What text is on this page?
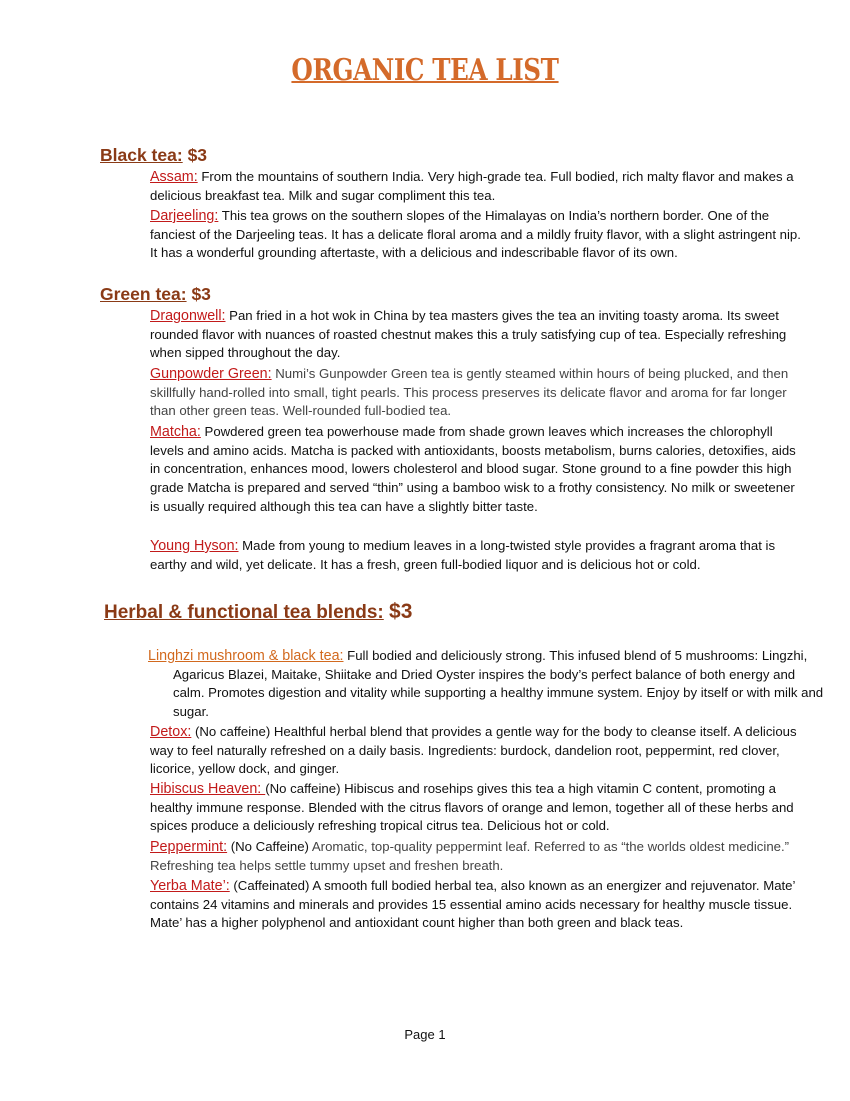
ORGANIC TEA LIST
Black tea: $3

Assam: From the mountains of southern India. Very high-grade tea. Full bodied, rich malty flavor and makes a delicious breakfast tea. Milk and sugar compliment this tea.

Darjeeling: This tea grows on the southern slopes of the Himalayas on India’s northern border. One of the fanciest of the Darjeeling teas. It has a delicate floral aroma and a mildly fruity flavor, with a slight astringent nip. It has a wonderful grounding aftertaste, with a delicious and indescribable flavor of its own.

Green tea: $3

Dragonwell: Pan fried in a hot wok in China by tea masters gives the tea an inviting toasty aroma. Its sweet rounded flavor with nuances of roasted chestnut makes this a truly satisfying cup of tea. Especially refreshing when sipped throughout the day.

Gunpowder Green: Numi’s Gunpowder Green tea is gently steamed within hours of being plucked, and then skillfully hand-rolled into small, tight pearls. This process preserves its delicate flavor and aroma for far longer than other green teas. Well-rounded full-bodied tea.

Matcha: Powdered green tea powerhouse made from shade grown leaves which increases the chlorophyll levels and amino acids. Matcha is packed with antioxidants, boosts metabolism, burns calories, detoxifies, aids in concentration, enhances mood, lowers cholesterol and blood sugar. Stone ground to a fine powder this high grade Matcha is prepared and served “thin” using a bamboo wisk to a frothy consistency. No milk or sweetener is usually required although this tea can have a slightly bitter taste.

Young Hyson: Made from young to medium leaves in a long-twisted style provides a fragrant aroma that is earthy and wild, yet delicate. It has a fresh, green full-bodied liquor and is delicious hot or cold.

Herbal & functional tea blends: $3

Linghzi mushroom & black tea: Full bodied and deliciously strong. This infused blend of 5 mushrooms: Lingzhi, Agaricus Blazei, Maitake, Shiitake and Dried Oyster inspires the body’s perfect balance of both energy and calm. Promotes digestion and vitality while supporting a healthy immune system. Enjoy by itself or with milk and sugar.

Detox: (No caffeine) Healthful herbal blend that provides a gentle way for the body to cleanse itself. A delicious way to feel naturally refreshed on a daily basis. Ingredients: burdock, dandelion root, peppermint, red clover, licorice, yellow dock, and ginger.

Hibiscus Heaven: (No caffeine) Hibiscus and rosehips gives this tea a high vitamin C content, promoting a healthy immune response. Blended with the citrus flavors of orange and lemon, together all of these herbs and spices produce a deliciously refreshing tropical citrus tea. Delicious hot or cold.

Peppermint: (No Caffeine) Aromatic, top-quality peppermint leaf. Referred to as “the worlds oldest medicine.” Refreshing tea helps settle tummy upset and freshen breath.

Yerba Mate’: (Caffeinated) A smooth full bodied herbal tea, also known as an energizer and rejuvenator. Mate’ contains 24 vitamins and minerals and provides 15 essential amino acids necessary for healthy muscle tissue. Mate’ has a higher polyphenol and antioxidant count higher than both green and black teas.

Page 1
